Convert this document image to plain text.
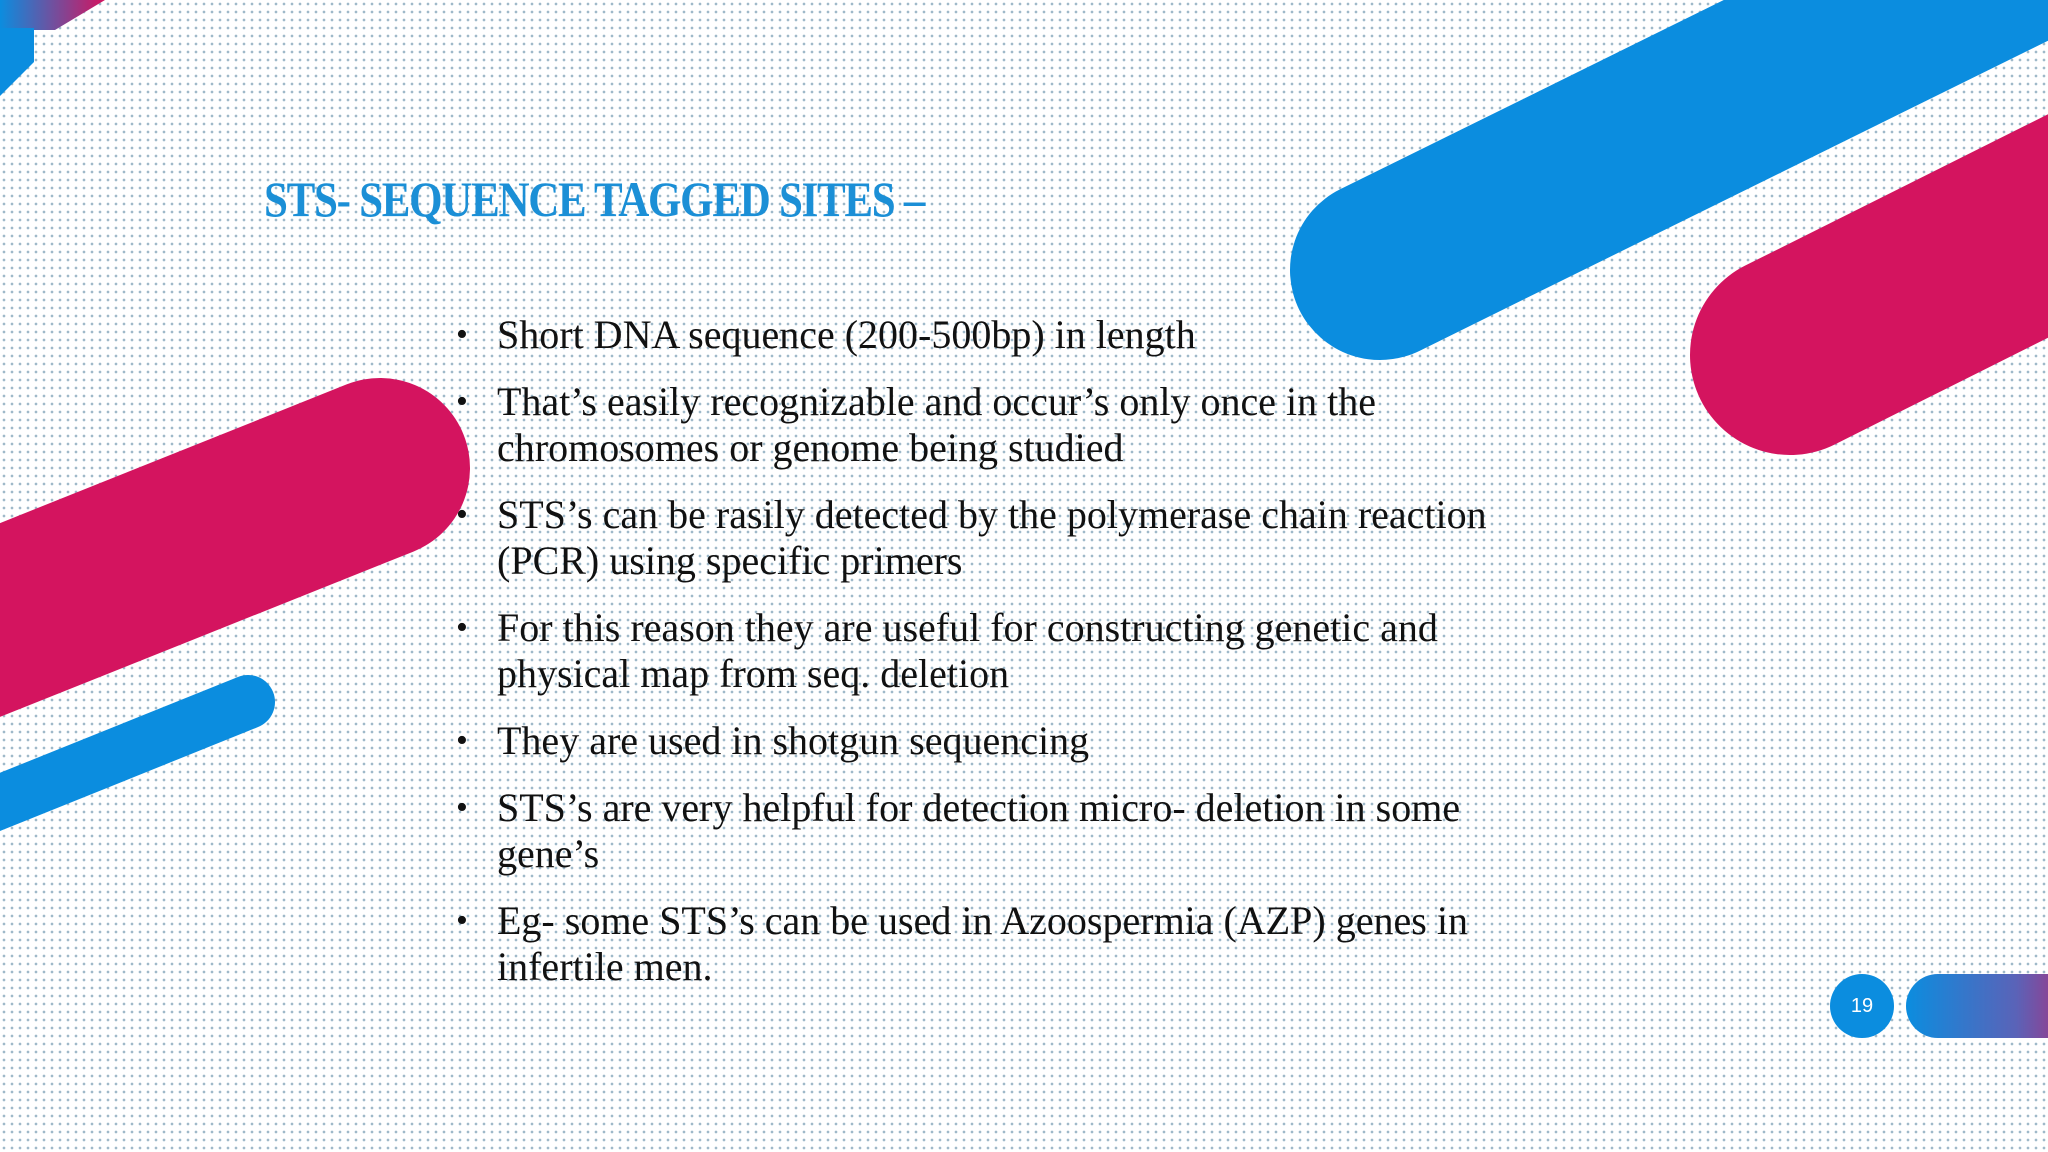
STS- SEQUENCE TAGGED SITES –
• Short DNA sequence (200-500bp) in length
• That’s easily recognizable and occur’s only once in the chromosomes or genome being studied
• STS’s can be rasily detected by the polymerase chain reaction (PCR) using specific primers
• For this reason they are useful for constructing genetic and physical map from seq. deletion
• They are used in shotgun sequencing
• STS’s are very helpful for detection micro- deletion in some gene’s
• Eg- some STS’s can be used in Azoospermia (AZP) genes in infertile men.
19
